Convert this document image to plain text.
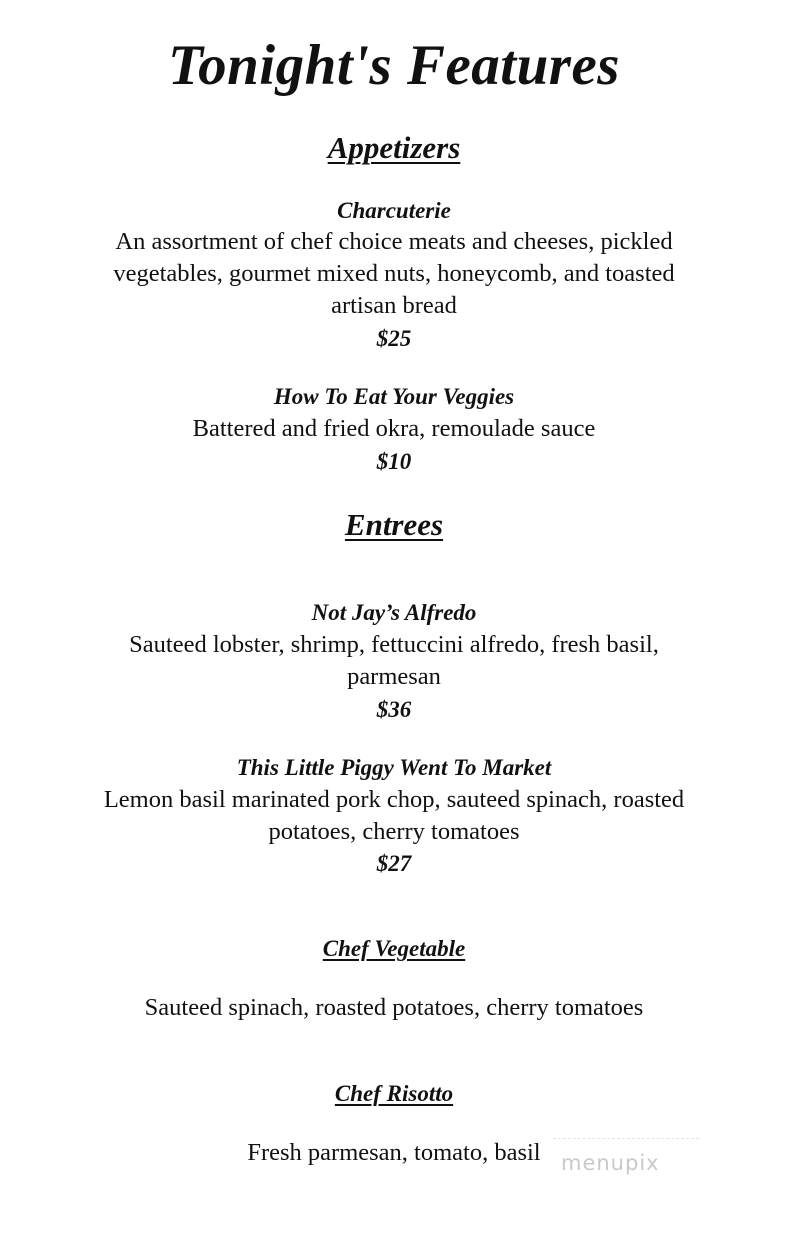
Tonight's Features
Appetizers
Charcuterie
An assortment of chef choice meats and cheeses, pickled
vegetables, gourmet mixed nuts, honeycomb, and toasted
artisan bread
$25
How To Eat Your Veggies
Battered and fried okra, remoulade sauce
$10
Entrees
Not Jay’s Alfredo
Sauteed lobster, shrimp, fettuccini alfredo, fresh basil,
parmesan
$36
This Little Piggy Went To Market
Lemon basil marinated pork chop, sauteed spinach, roasted
potatoes, cherry tomatoes
$27
Chef Vegetable
Sauteed spinach, roasted potatoes, cherry tomatoes
Chef Risotto
Fresh parmesan, tomato, basil menupix
